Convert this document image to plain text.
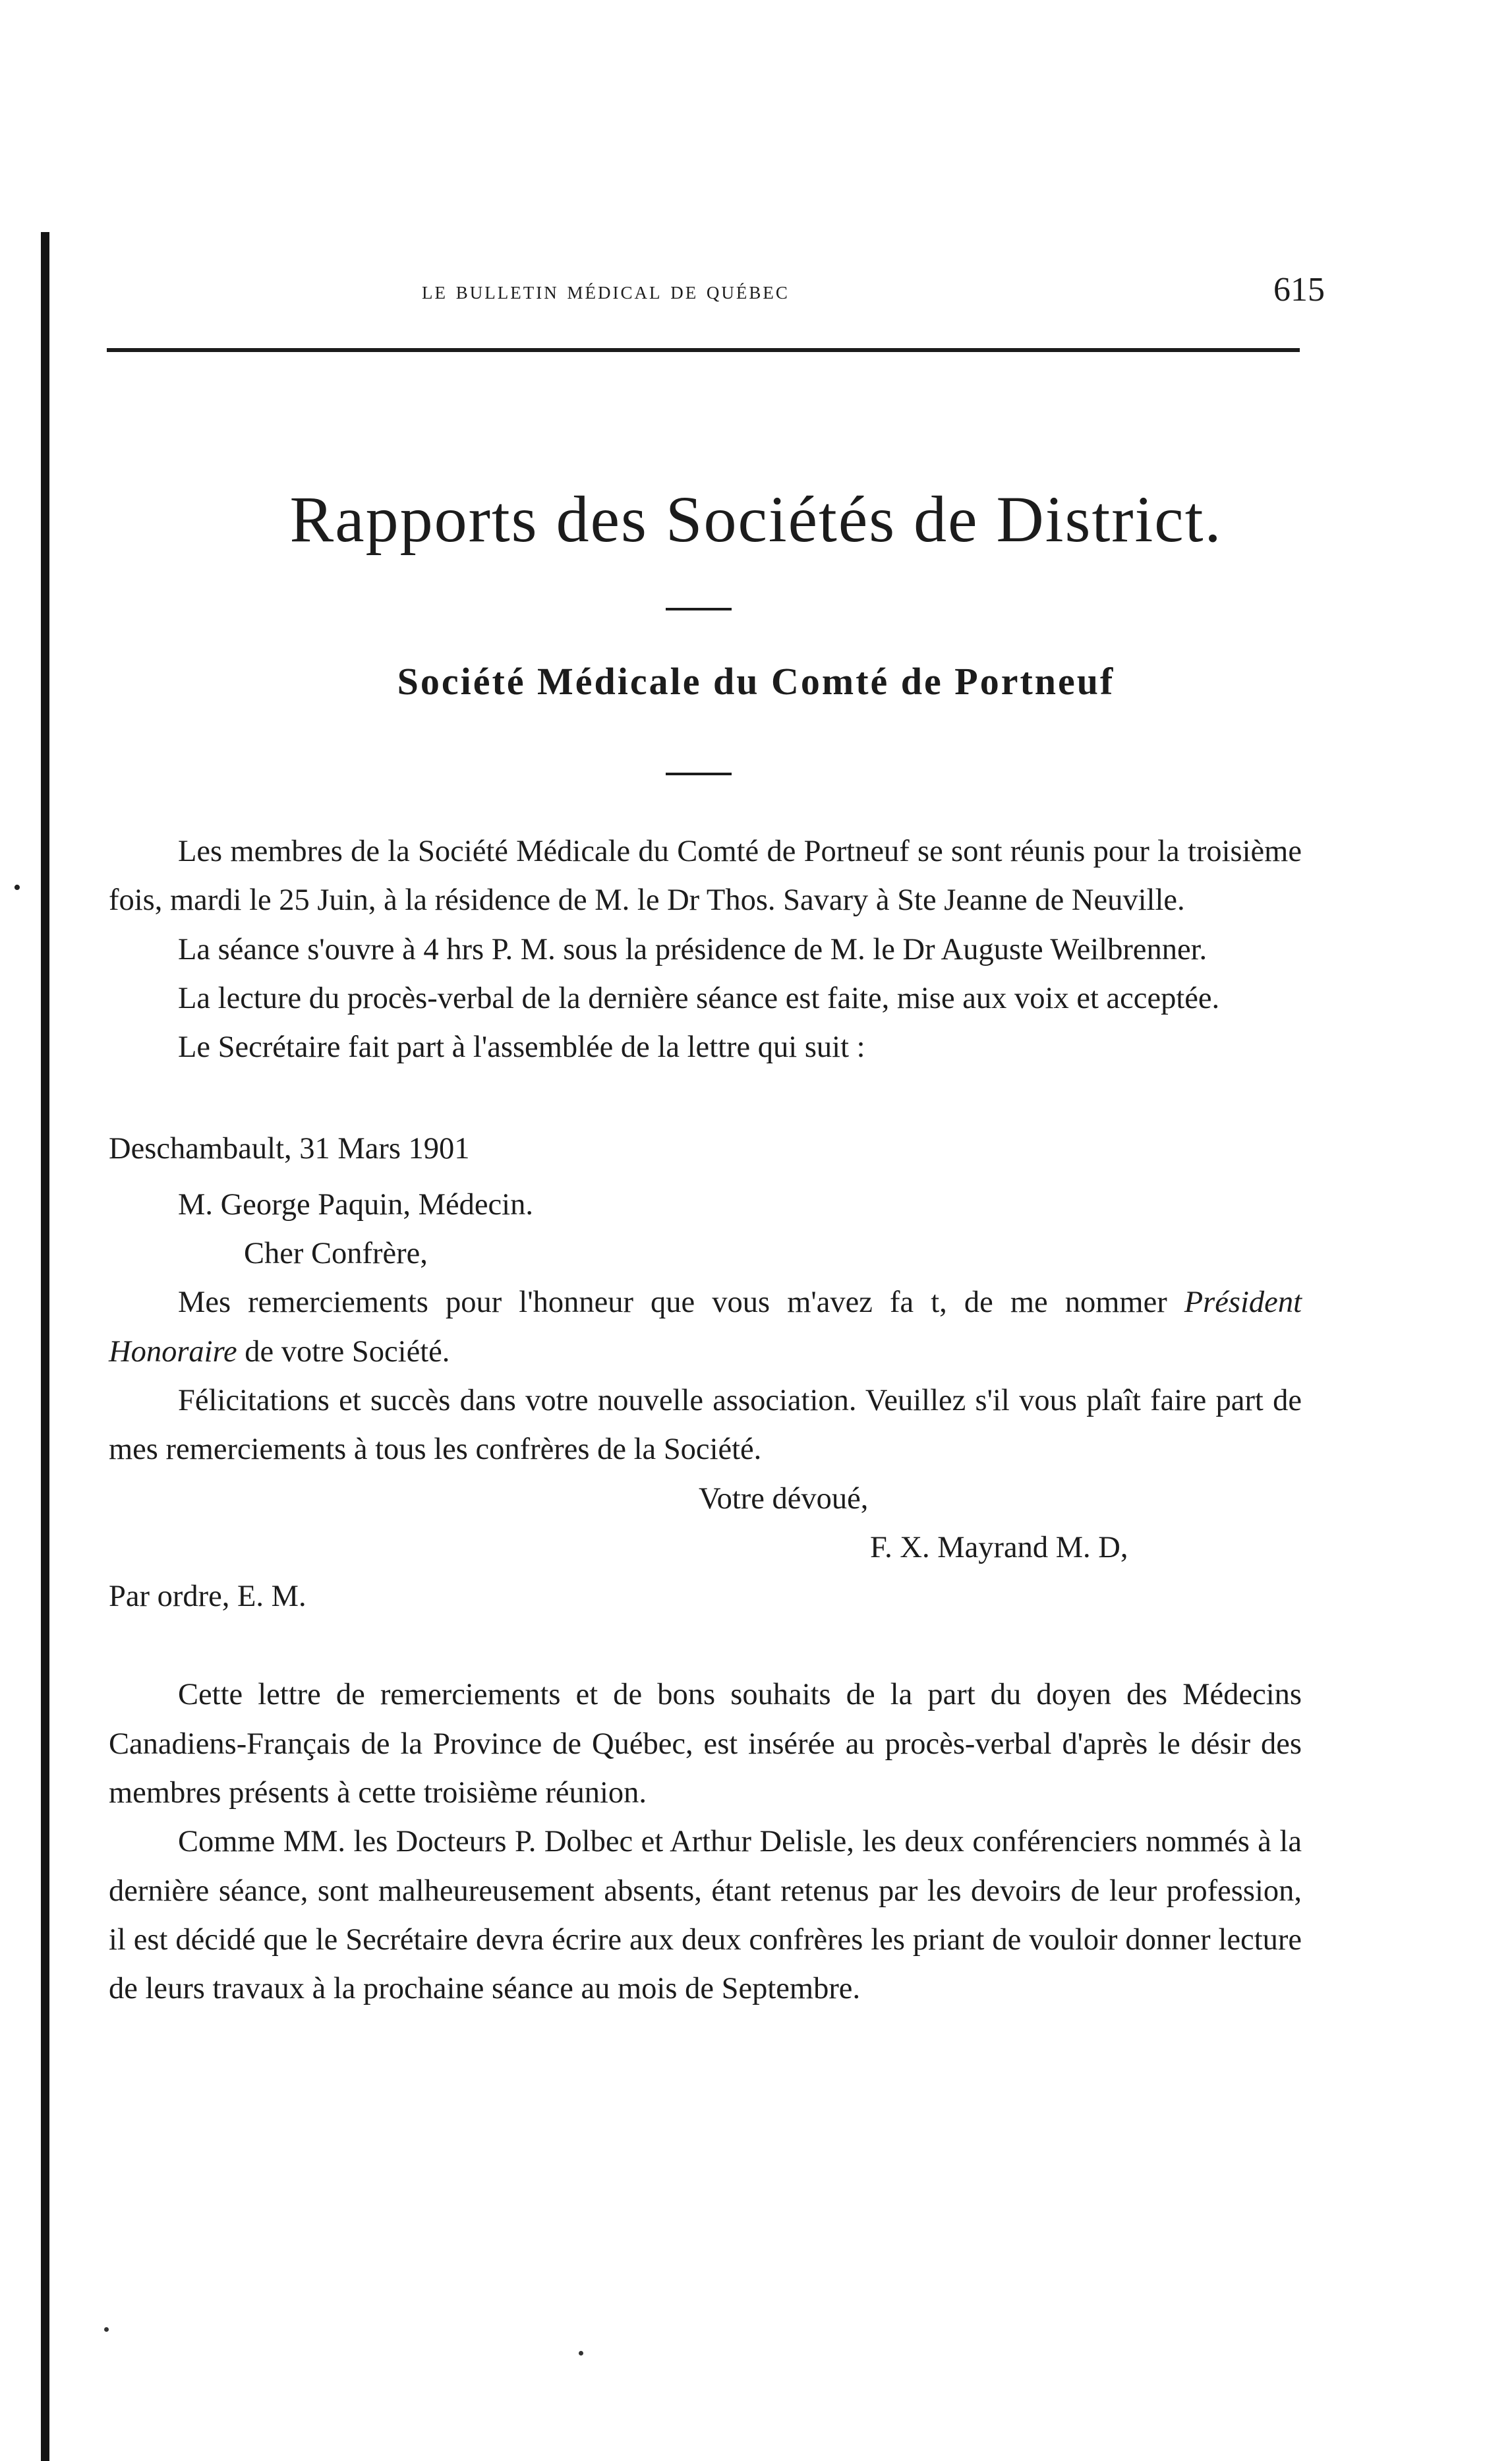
•
le bulletin médical de québec	615
Rapports des Sociétés de District.
Société Médicale du Comté de Portneuf

Les membres de la Société Médicale du Comté de Portneuf se sont réunis pour la troisième fois, mardi le 25 Juin, à la résidence de M. le Dr Thos. Savary à Ste Jeanne de Neuville.

La séance s'ouvre à 4 hrs P. M. sous la présidence de M. le Dr Auguste Weilbrenner.

La lecture du procès-verbal de la dernière séance est faite, mise aux voix et acceptée.

Le Secrétaire fait part à l'assemblée de la lettre qui suit :

Deschambault, 31 Mars 1901

M. George Paquin, Médecin.

Cher Confrère,

Mes remerciements pour l'honneur que vous m'avez fa t, de me nommer Président Honoraire de votre Société.

Félicitations et succès dans votre nouvelle association. Veuillez s'il vous plaît faire part de mes remerciements à tous les confrères de la Société.

Votre dévoué,

F. X. Mayrand M. D,

Par ordre, E. M.

Cette lettre de remerciements et de bons souhaits de la part du doyen des Médecins Canadiens-Français de la Province de Québec, est insérée au procès-verbal d'après le désir des membres présents à cette troisième réunion.

Comme MM. les Docteurs P. Dolbec et Arthur Delisle, les deux conférenciers nommés à la dernière séance, sont malheureusement absents, étant retenus par les devoirs de leur profession, il est décidé que le Secrétaire devra écrire aux deux confrères les priant de vouloir donner lecture de leurs travaux à la prochaine séance au mois de Septembre.
